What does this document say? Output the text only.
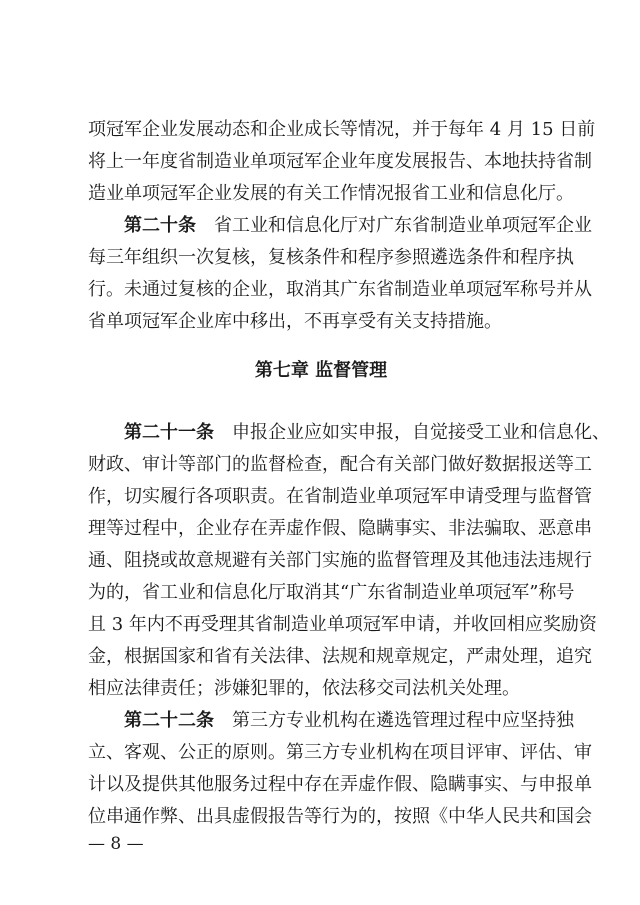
项冠军企业发展动态和企业成长等情况，并于每年 4 月 15 日前
将上一年度省制造业单项冠军企业年度发展报告、本地扶持省制
造业单项冠军企业发展的有关工作情况报省工业和信息化厅。
第二十条　省工业和信息化厅对广东省制造业单项冠军企业
每三年组织一次复核，复核条件和程序参照遴选条件和程序执
行。未通过复核的企业，取消其广东省制造业单项冠军称号并从
省单项冠军企业库中移出，不再享受有关支持措施。
第七章 监督管理
第二十一条　申报企业应如实申报，自觉接受工业和信息化、
财政、审计等部门的监督检查，配合有关部门做好数据报送等工
作，切实履行各项职责。在省制造业单项冠军申请受理与监督管
理等过程中，企业存在弄虚作假、隐瞒事实、非法骗取、恶意串
通、阻挠或故意规避有关部门实施的监督管理及其他违法违规行
为的，省工业和信息化厅取消其“广东省制造业单项冠军”称号
且 3 年内不再受理其省制造业单项冠军申请，并收回相应奖励资
金，根据国家和省有关法律、法规和规章规定，严肃处理，追究
相应法律责任；涉嫌犯罪的，依法移交司法机关处理。
第二十二条　第三方专业机构在遴选管理过程中应坚持独
立、客观、公正的原则。第三方专业机构在项目评审、评估、审
计以及提供其他服务过程中存在弄虚作假、隐瞒事实、与申报单
位串通作弊、出具虚假报告等行为的，按照《中华人民共和国会
— 8 —
